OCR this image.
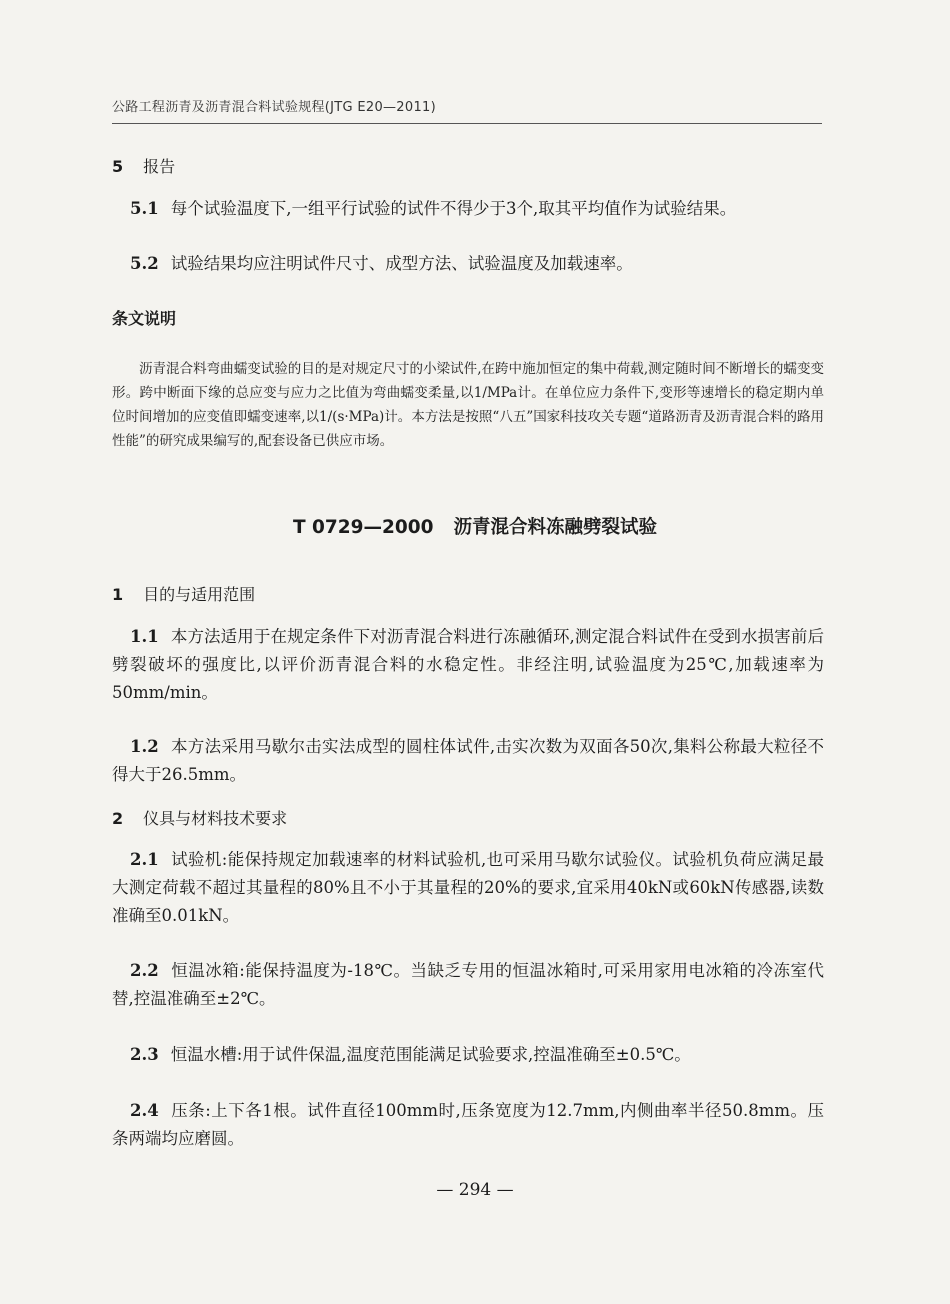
公路工程沥青及沥青混合料试验规程(JTG E20—2011)
5 报告
5.1 每个试验温度下,一组平行试验的试件不得少于3个,取其平均值作为试验结果。
5.2 试验结果均应注明试件尺寸、成型方法、试验温度及加载速率。
条文说明
沥青混合料弯曲蠕变试验的目的是对规定尺寸的小梁试件,在跨中施加恒定的集中荷载,测定随时间不断增长的蠕变变形。跨中断面下缘的总应变与应力之比值为弯曲蠕变柔量,以1/MPa计。在单位应力条件下,变形等速增长的稳定期内单位时间增加的应变值即蠕变速率,以1/(s·MPa)计。本方法是按照“八五”国家科技攻关专题“道路沥青及沥青混合料的路用性能”的研究成果编写的,配套设备已供应市场。
T 0729—2000 沥青混合料冻融劈裂试验
1 目的与适用范围
1.1 本方法适用于在规定条件下对沥青混合料进行冻融循环,测定混合料试件在受到水损害前后劈裂破坏的强度比,以评价沥青混合料的水稳定性。非经注明,试验温度为25℃,加载速率为50mm/min。
1.2 本方法采用马歇尔击实法成型的圆柱体试件,击实次数为双面各50次,集料公称最大粒径不得大于26.5mm。
2 仪具与材料技术要求
2.1 试验机:能保持规定加载速率的材料试验机,也可采用马歇尔试验仪。试验机负荷应满足最大测定荷载不超过其量程的80%且不小于其量程的20%的要求,宜采用40kN或60kN传感器,读数准确至0.01kN。
2.2 恒温冰箱:能保持温度为-18℃。当缺乏专用的恒温冰箱时,可采用家用电冰箱的冷冻室代替,控温准确至±2℃。
2.3 恒温水槽:用于试件保温,温度范围能满足试验要求,控温准确至±0.5℃。
2.4 压条:上下各1根。试件直径100mm时,压条宽度为12.7mm,内侧曲率半径50.8mm。压条两端均应磨圆。
— 294 —
